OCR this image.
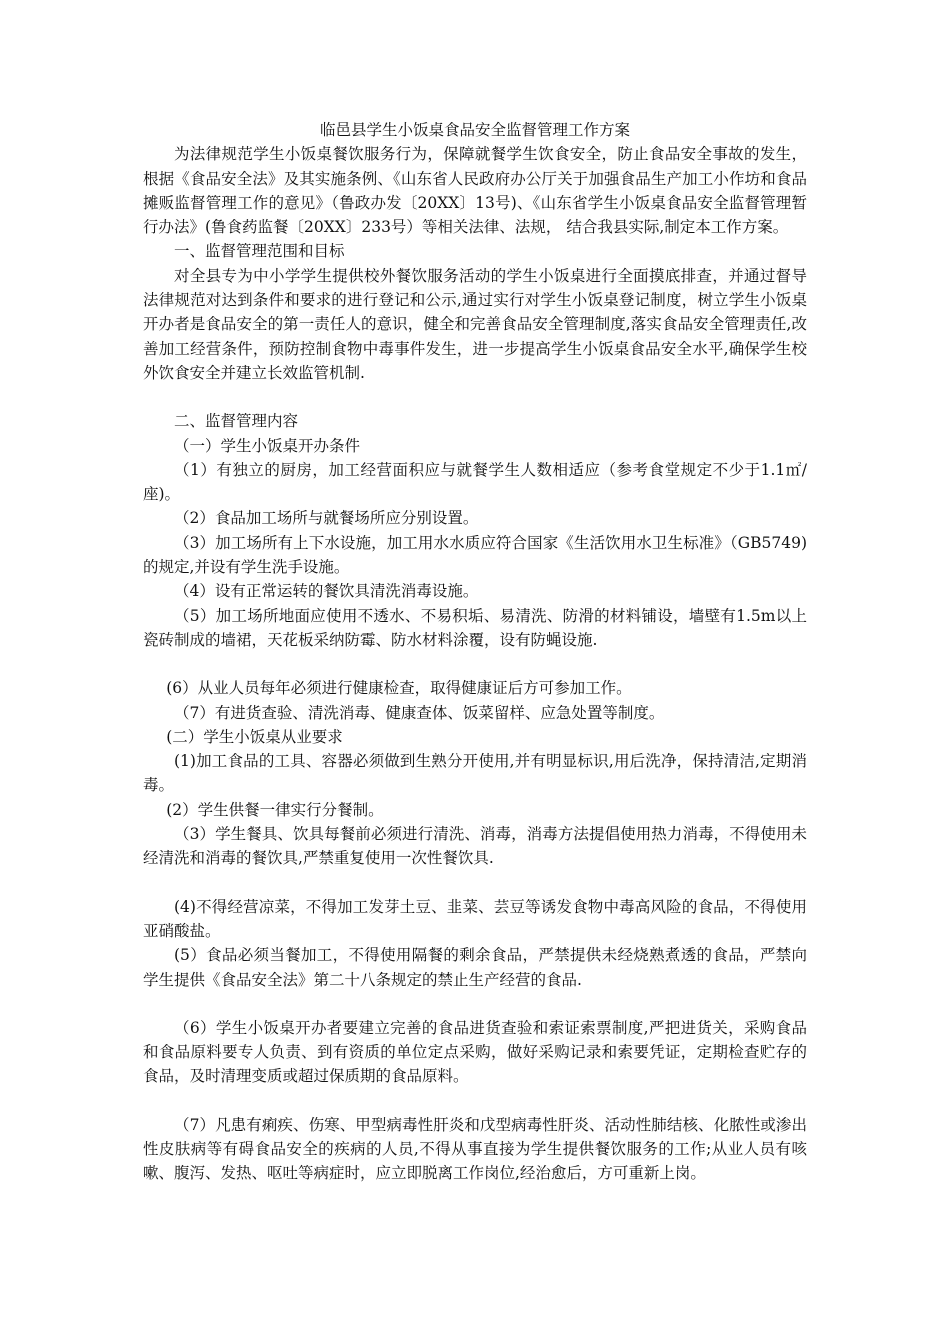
临邑县学生小饭桌食品安全监督管理工作方案

为法律规范学生小饭桌餐饮服务行为，保障就餐学生饮食安全，防止食品安全事故的发生，根据《食品安全法》及其实施条例、《山东省人民政府办公厅关于加强食品生产加工小作坊和食品摊贩监督管理工作的意见》（鲁政办发〔20XX〕13号)、《山东省学生小饭桌食品安全监督管理暂行办法》(鲁食药监餐〔20XX〕233号）等相关法律、法规， 结合我县实际,制定本工作方案。

一、监督管理范围和目标

对全县专为中小学学生提供校外餐饮服务活动的学生小饭桌进行全面摸底排查，并通过督导法律规范对达到条件和要求的进行登记和公示,通过实行对学生小饭桌登记制度，树立学生小饭桌开办者是食品安全的第一责任人的意识，健全和完善食品安全管理制度,落实食品安全管理责任,改善加工经营条件，预防控制食物中毒事件发生，进一步提高学生小饭桌食品安全水平,确保学生校外饮食安全并建立长效监管机制.

二、监督管理内容

（一）学生小饭桌开办条件

（1）有独立的厨房，加工经营面积应与就餐学生人数相适应（参考食堂规定不少于1.1㎡/座)。

（2）食品加工场所与就餐场所应分别设置。

（3）加工场所有上下水设施，加工用水水质应符合国家《生活饮用水卫生标准》（GB5749)的规定,并设有学生洗手设施。

（4）设有正常运转的餐饮具清洗消毒设施。

（5）加工场所地面应使用不透水、不易积垢、易清洗、防滑的材料铺设，墙壁有1.5m以上瓷砖制成的墙裙，天花板采纳防霉、防水材料涂覆，设有防蝇设施.

(6）从业人员每年必须进行健康检查，取得健康证后方可参加工作。

（7）有进货查验、清洗消毒、健康查体、饭菜留样、应急处置等制度。

(二）学生小饭桌从业要求

(1)加工食品的工具、容器必须做到生熟分开使用,并有明显标识,用后洗净，保持清洁,定期消毒。

(2）学生供餐一律实行分餐制。

（3）学生餐具、饮具每餐前必须进行清洗、消毒，消毒方法提倡使用热力消毒，不得使用未经清洗和消毒的餐饮具,严禁重复使用一次性餐饮具.

(4)不得经营凉菜，不得加工发芽土豆、韭菜、芸豆等诱发食物中毒高风险的食品，不得使用亚硝酸盐。

(5）食品必须当餐加工，不得使用隔餐的剩余食品，严禁提供未经烧熟煮透的食品，严禁向学生提供《食品安全法》第二十八条规定的禁止生产经营的食品.

（6）学生小饭桌开办者要建立完善的食品进货查验和索证索票制度,严把进货关，采购食品和食品原料要专人负责、到有资质的单位定点采购，做好采购记录和索要凭证，定期检查贮存的食品，及时清理变质或超过保质期的食品原料。

（7）凡患有痢疾、伤寒、甲型病毒性肝炎和戊型病毒性肝炎、活动性肺结核、化脓性或渗出性皮肤病等有碍食品安全的疾病的人员,不得从事直接为学生提供餐饮服务的工作;从业人员有咳嗽、腹泻、发热、呕吐等病症时，应立即脱离工作岗位,经治愈后，方可重新上岗。
